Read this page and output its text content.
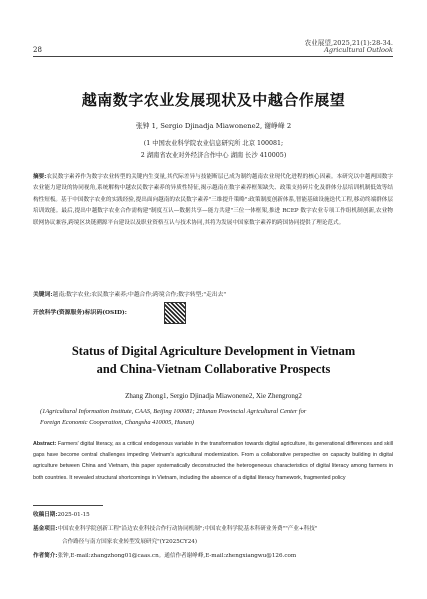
农业展望,2025,21(1):28-34.
28	Agricultural Outlook
越南数字农业发展现状及中越合作展望
张钟 1, Sergio Djinadja Miawonene2, 谢峥峰 2
(1 中国农业科学院农业信息研究所 北京 100081;
2 湖南省农业对外经济合作中心 湖南 长沙 410005)
摘要:农民数字素养作为数字农业转型的关键内生变量,其代际差异与技能断层已成为制约越南农业现代化进程的核心因素。本研究以中越两国数字农业能力建设的协同视角,系统解构中越农民数字素养的异质性特征,揭示越南在数字素养框架缺失、政策支持碎片化及群体分层培训机制低效等结构性短板。基于中国数字农业的实践经验,提出面向越南的农民数字素养"三维提升策略":政策制度创新体系,智能基础设施迭代工程,移动终端群体层培训效能。最后,提出中越数字农业合作需构建"制度互认—数据共享—能力共建"三位一体框架,推进 RCEP 数字农业专项工作组机制创新,农业物联网协议兼容,跨境区块链溯源平台建设以及职业资格互认与技术协同,其将为发展中国家数字素养的跨国协同提供了理论范式。
关键词:越南;数字农业;农民数字素养;中越合作;跨境合作;数字转型;"走出去"
开放科学(资源服务)标识码(OSID):
Status of Digital Agriculture Development in Vietnam
and China-Vietnam Collaborative Prospects
Zhang Zhong1, Sergio Djinadja Miawonene2, Xie Zhengrong2
(1Agricultural Information Institute, CAAS, Beijing 100081; 2Hunan Provincial Agricultural Center for
Foreign Economic Cooperation, Changsha 410005, Hunan)
Abstract: Farmers' digital literacy, as a critical endogenous variable in the transformation towards digital agriculture, its generational differences and skill gaps have become central challenges impeding Vietnam's agricultural modernization. From a collaborative perspective on capacity building in digital agriculture between China and Vietnam, this paper systematically deconstructed the heterogeneous characteristics of digital literacy among farmers in both countries. It revealed structural shortcomings in Vietnam, including the absence of a digital literacy framework, fragmented policy
收稿日期:2025-01-15
基金项目:中国农业科学院创新工程"沿边农业科技合作行动协同机制";中国农业科学院基本科研业务费""产业+科技"
合作路径与南方国家农业转型发展研究"(Y2025CY24)
作者简介:张钟,E-mail:zhangzhong01@caas.cn。通信作者谢峥峰,E-mail:zhengxiangwu@126.com
